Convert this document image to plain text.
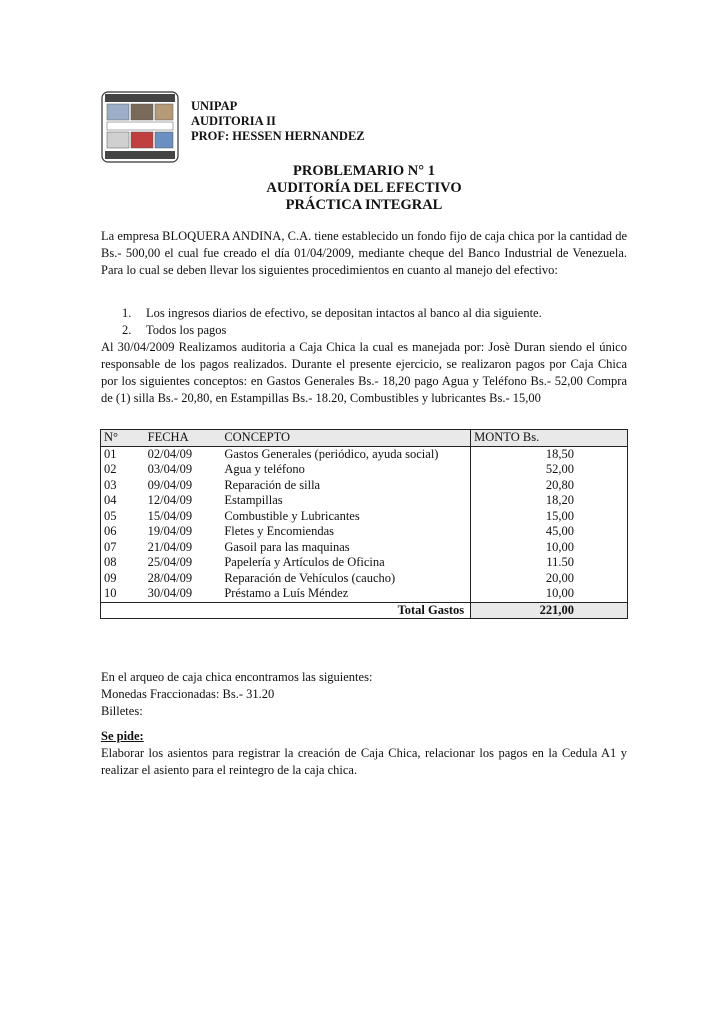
UNIPAP
AUDITORIA II
PROF: HESSEN HERNANDEZ
PROBLEMARIO N° 1
AUDITORÍA DEL EFECTIVO
PRÁCTICA INTEGRAL

La empresa BLOQUERA ANDINA, C.A. tiene establecido un fondo fijo de caja chica por la cantidad de Bs.- 500,00 el cual fue creado el día 01/04/2009, mediante cheque del Banco Industrial de Venezuela. Para lo cual se deben llevar los siguientes procedimientos en cuanto al manejo del efectivo:

1. Los ingresos diarios de efectivo, se depositan intactos al banco al dia siguiente.
2. Todos los pagos

Al 30/04/2009 Realizamos auditoria a Caja Chica la cual es manejada por: Josè Duran siendo el único responsable de los pagos realizados. Durante el presente ejercicio, se realizaron pagos por Caja Chica por los siguientes conceptos: en Gastos Generales Bs.- 18,20 pago Agua y Teléfono Bs.- 52,00 Compra de (1) silla Bs.- 20,80, en Estampillas Bs.- 18.20, Combustibles y lubricantes Bs.- 15,00

N°	FECHA	CONCEPTO	MONTO Bs.
01	02/04/09	Gastos Generales (periódico, ayuda social)	18,50
02	03/04/09	Agua y teléfono	52,00
03	09/04/09	Reparación de silla	20,80
04	12/04/09	Estampillas	18,20
05	15/04/09	Combustible y Lubricantes	15,00
06	19/04/09	Fletes y Encomiendas	45,00
07	21/04/09	Gasoil para las maquinas	10,00
08	25/04/09	Papelería y Artículos de Oficina	11.50
09	28/04/09	Reparación de Vehículos (caucho)	20,00
10	30/04/09	Préstamo a Luís Méndez	10,00
Total Gastos			221,00

En el arqueo de caja chica encontramos las siguientes:

Monedas Fraccionadas: Bs.- 31.20

Billetes:

Se pide:

Elaborar los asientos para registrar la creación de Caja Chica, relacionar los pagos en la Cedula A1 y realizar el asiento para el reintegro de la caja chica.
